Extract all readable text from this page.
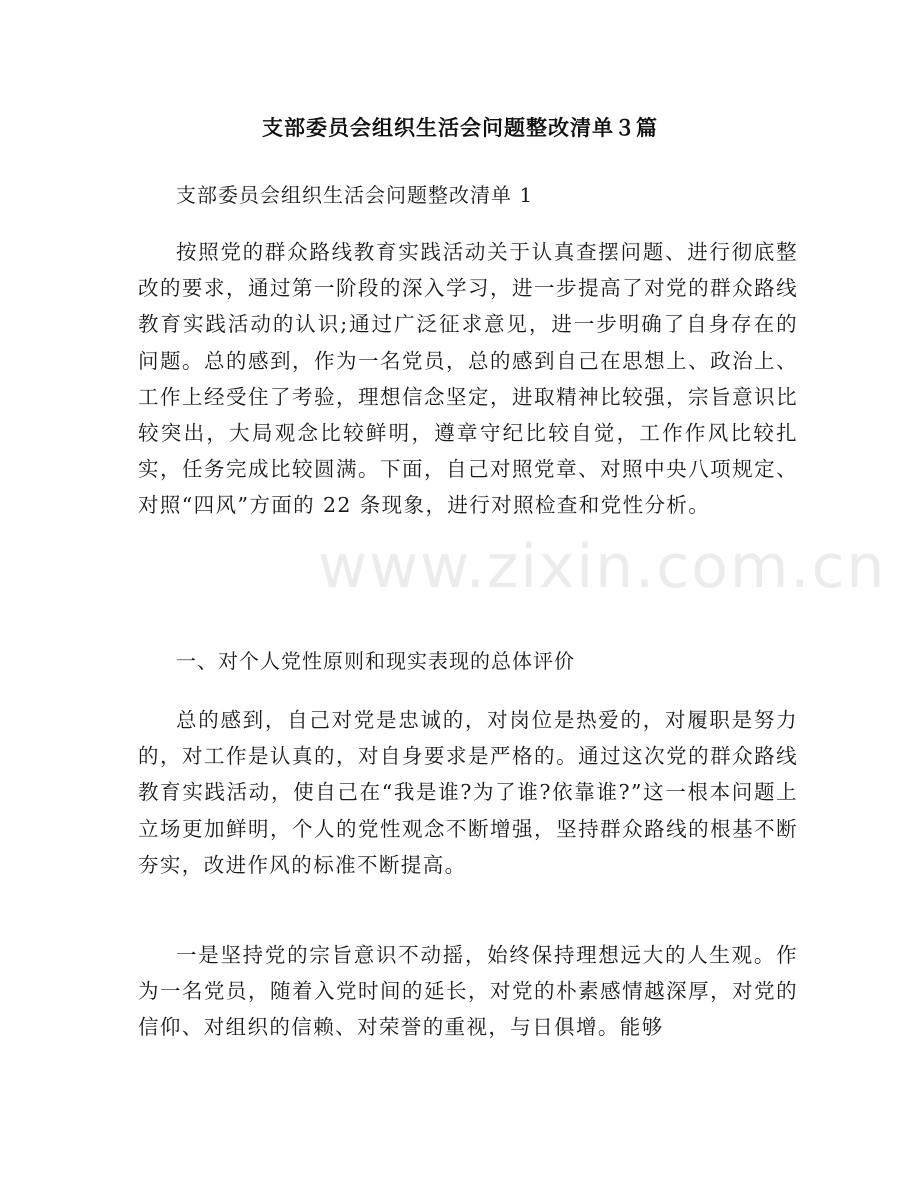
支部委员会组织生活会问题整改清单３篇
支部委员会组织生活会问题整改清单 1

按照党的群众路线教育实践活动关于认真查摆问题、进行彻底整改的要求，通过第一阶段的深入学习，进一步提高了对党的群众路线教育实践活动的认识;通过广泛征求意见，进一步明确了自身存在的问题。总的感到，作为一名党员，总的感到自己在思想上、政治上、工作上经受住了考验，理想信念坚定，进取精神比较强，宗旨意识比较突出，大局观念比较鲜明，遵章守纪比较自觉，工作作风比较扎实，任务完成比较圆满。下面，自己对照党章、对照中央八项规定、对照“四风”方面的 22 条现象，进行对照检查和党性分析。

www.zixin.com.cn
一、对个人党性原则和现实表现的总体评价

总的感到，自己对党是忠诚的，对岗位是热爱的，对履职是努力的，对工作是认真的，对自身要求是严格的。通过这次党的群众路线教育实践活动，使自己在“我是谁?为了谁?依靠谁?”这一根本问题上立场更加鲜明，个人的党性观念不断增强，坚持群众路线的根基不断夯实，改进作风的标准不断提高。

一是坚持党的宗旨意识不动摇，始终保持理想远大的人生观。作为一名党员，随着入党时间的延长，对党的朴素感情越深厚，对党的信仰、对组织的信赖、对荣誉的重视，与日俱增。能够
